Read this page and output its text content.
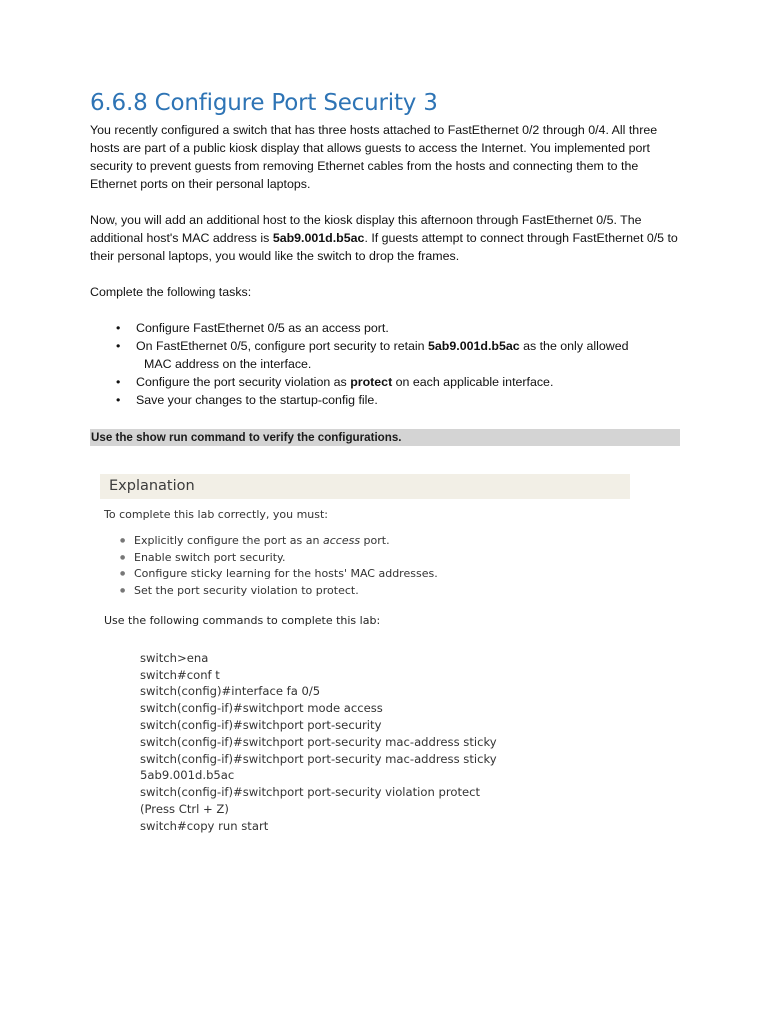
6.6.8 Configure Port Security 3

You recently configured a switch that has three hosts attached to FastEthernet 0/2 through 0/4. All three hosts are part of a public kiosk display that allows guests to access the Internet. You implemented port security to prevent guests from removing Ethernet cables from the hosts and connecting them to the Ethernet ports on their personal laptops.

Now, you will add an additional host to the kiosk display this afternoon through FastEthernet 0/5. The additional host's MAC address is 5ab9.001d.b5ac. If guests attempt to connect through FastEthernet 0/5 to their personal laptops, you would like the switch to drop the frames.

Complete the following tasks:

• Configure FastEthernet 0/5 as an access port.
• On FastEthernet 0/5, configure port security to retain 5ab9.001d.b5ac as the only allowed
MAC address on the interface.
• Configure the port security violation as protect on each applicable interface.
• Save your changes to the startup-config file.
Use the show run command to verify the configurations.
Explanation
To complete this lab correctly, you must:
● Explicitly configure the port as an access port.
● Enable switch port security.
● Configure sticky learning for the hosts' MAC addresses.
● Set the port security violation to protect.
Use the following commands to complete this lab:
switch>ena
switch#conf t
switch(config)#interface fa 0/5
switch(config-if)#switchport mode access
switch(config-if)#switchport port-security
switch(config-if)#switchport port-security mac-address sticky
switch(config-if)#switchport port-security mac-address sticky
5ab9.001d.b5ac
switch(config-if)#switchport port-security violation protect
(Press Ctrl + Z)
switch#copy run start
